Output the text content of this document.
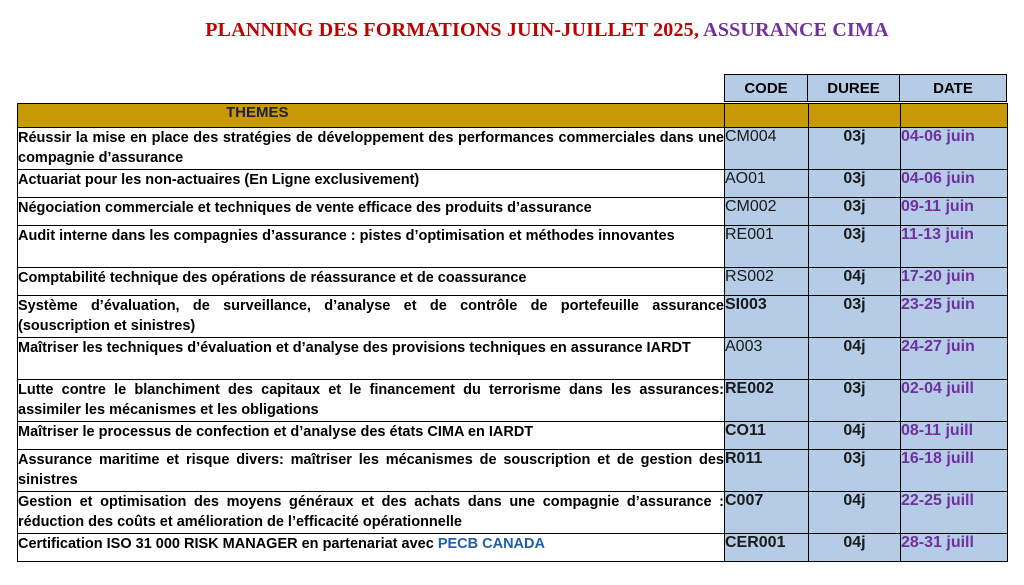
PLANNING DES FORMATIONS JUIN-JUILLET 2025, ASSURANCE CIMA
CODE	DUREE	DATE
THEMES			
Réussir la mise en place des stratégies de développement des performances commerciales dans une compagnie d’assurance	CM004	03j	04-06 juin
Actuariat pour les non-actuaires (En Ligne exclusivement)	AO01	03j	04-06 juin
Négociation commerciale et techniques de vente efficace des produits d’assurance	CM002	03j	09-11 juin
Audit interne dans les compagnies d’assurance : pistes d’optimisation et méthodes innovantes	RE001	03j	11-13 juin
Comptabilité technique des opérations de réassurance et de coassurance	RS002	04j	17-20 juin
Système d’évaluation, de surveillance, d’analyse et de contrôle de portefeuille assurance (souscription et sinistres)	SI003	03j	23-25 juin
Maîtriser les techniques d’évaluation et d’analyse des provisions techniques en assurance IARDT	A003	04j	24-27 juin
Lutte contre le blanchiment des capitaux et le financement du terrorisme dans les assurances: assimiler les mécanismes et les obligations	RE002	03j	02-04 juill
Maîtriser le processus de confection et d’analyse des états CIMA en IARDT	CO11	04j	08-11 juill
Assurance maritime et risque divers: maîtriser les mécanismes de souscription et de gestion des sinistres	R011	03j	16-18 juill
Gestion et optimisation des moyens généraux et des achats dans une compagnie d’assurance : réduction des coûts et amélioration de l’efficacité opérationnelle	C007	04j	22-25 juill
Certification ISO 31 000 RISK MANAGER en partenariat avec PECB CANADA	CER001	04j	28-31 juill
